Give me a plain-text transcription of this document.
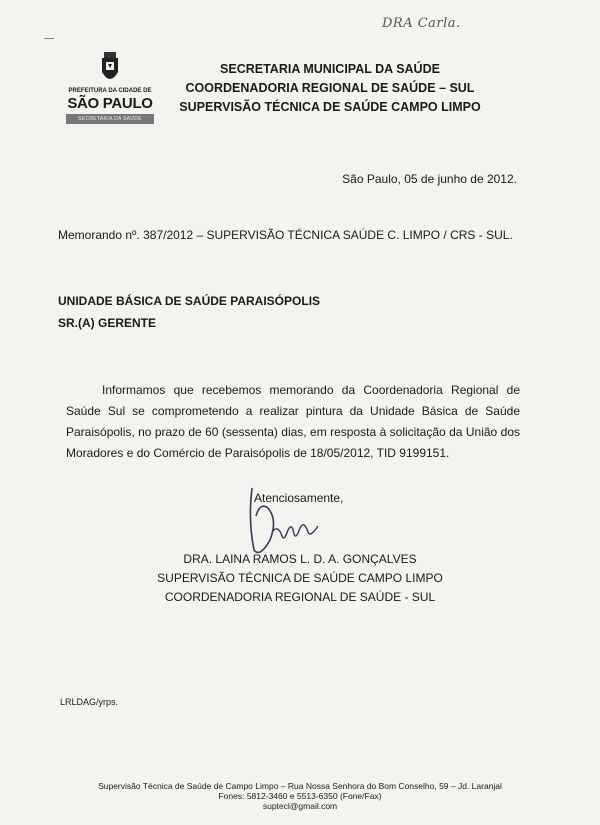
DRA Carla.
PREFEITURA DA CIDADE DE
SÃO PAULO
SECRETARIA DA SAÚDE
SECRETARIA MUNICIPAL DA SAÚDE
COORDENADORIA REGIONAL DE SAÚDE – SUL
SUPERVISÃO TÉCNICA DE SAÚDE CAMPO LIMPO
São Paulo, 05 de junho de 2012.
Memorando nº. 387/2012 – SUPERVISÃO TÉCNICA SAÚDE C. LIMPO / CRS - SUL.
UNIDADE BÁSICA DE SAÚDE PARAISÓPOLIS
SR.(A) GERENTE
Informamos que recebemos memorando da Coordenadoria Regional de Saúde Sul se comprometendo a realizar pintura da Unidade Básica de Saúde Paraisópolis, no prazo de 60 (sessenta) dias, em resposta à solicitação da União dos Moradores e do Comércio de Paraisópolis de 18/05/2012, TID 9199151.
Atenciosamente,
DRA. LAINA RAMOS L. D. A. GONÇALVES
SUPERVISÃO TÉCNICA DE SAÚDE CAMPO LIMPO
COORDENADORIA REGIONAL DE SAÚDE - SUL
LRLDAG/yrps.
Supervisão Técnica de Saúde de Campo Limpo – Rua Nossa Senhora do Bom Conselho, 59 – Jd. Laranjal
Fones: 5812-3460 e 5513-6350 (Fone/Fax)
suptecl@gmail.com
